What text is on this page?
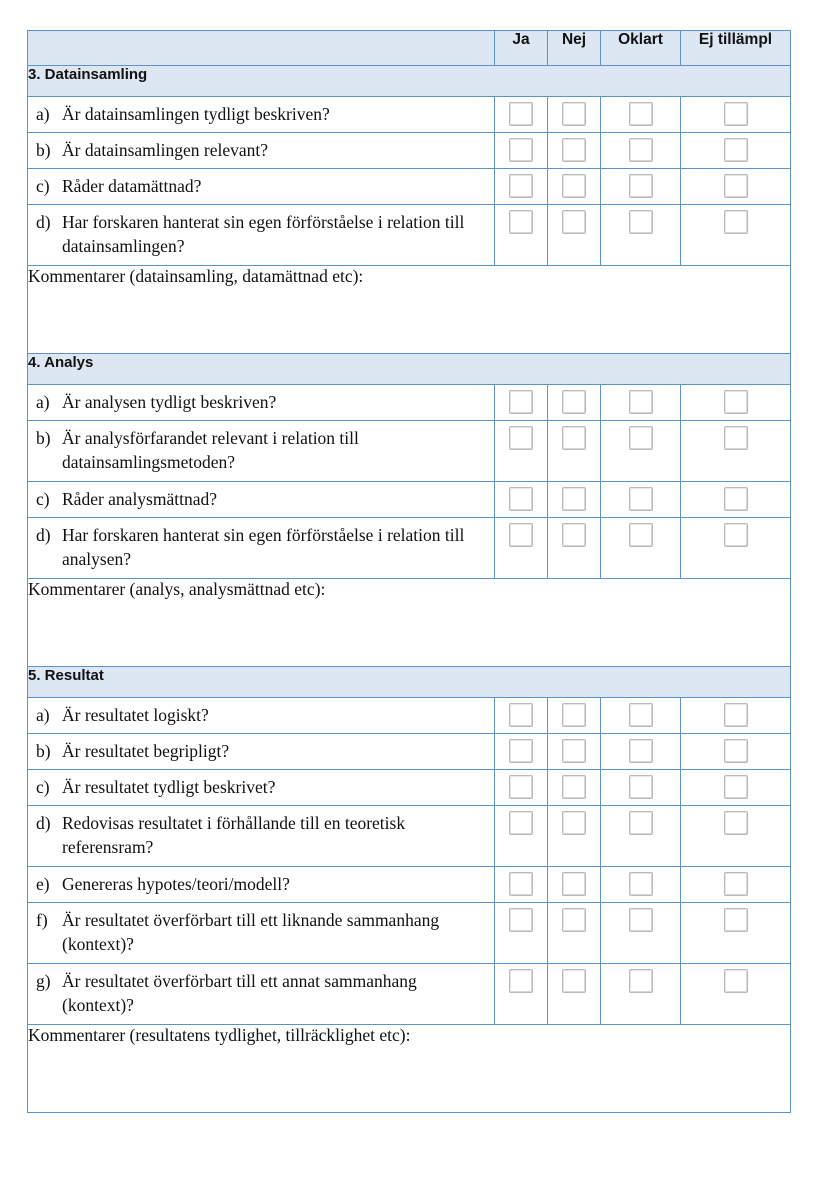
	Ja	Nej	Oklart	Ej tillämpl
3. Datainsamling				

a) Är datainsamlingen tydligt beskriven?				

b) Är datainsamlingen relevant?				

c) Råder datamättnad?				

d) Har forskaren hanterat sin egen förförståelse i relation till datainsamlingen?				

Kommentarer (datainsamling, datamättnad etc):				
4. Analys				

a) Är analysen tydligt beskriven?				

b) Är analysförfarandet relevant i relation till datainsamlingsmetoden?				

c) Råder analysmättnad?				

d) Har forskaren hanterat sin egen förförståelse i relation till analysen?				

Kommentarer (analys, analysmättnad etc):				
5. Resultat				

a) Är resultatet logiskt?				

b) Är resultatet begripligt?				

c) Är resultatet tydligt beskrivet?				

d) Redovisas resultatet i förhållande till en teoretisk referensram?				

e) Genereras hypotes/teori/modell?				

f) Är resultatet överförbart till ett liknande sammanhang (kontext)?				

g) Är resultatet överförbart till ett annat sammanhang (kontext)?				

Kommentarer (resultatens tydlighet, tillräcklighet etc):				
